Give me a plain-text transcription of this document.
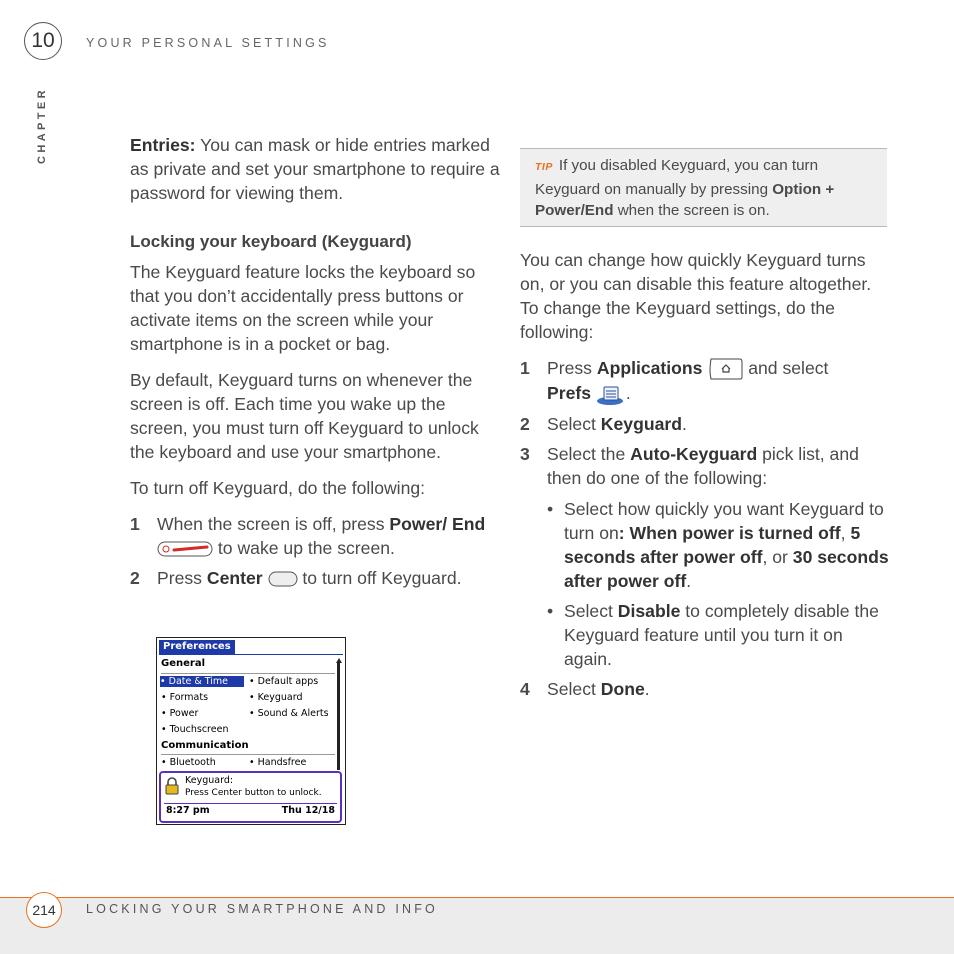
10	YOUR PERSONAL SETTINGS
CHAPTER	Entries: You can mask or hide entries marked as private and set your smartphone to require a password for viewing them.

Locking your keyboard (Keyguard)

The Keyguard feature locks the keyboard so that you don’t accidentally press buttons or activate items on the screen while your smartphone is in a pocket or bag.

By default, Keyguard turns on whenever the screen is off. Each time you wake up the screen, you must turn off Keyguard to unlock the keyboard and use your smartphone.

To turn off Keyguard, do the following:

1 When the screen is off, press Power/ End  to wake up the screen.
2 Press Center  to turn off Keyguard.
Preferences
General
• Date & Time	• Default apps
• Formats	• Keyguard
• Power	• Sound & Alerts
• Touchscreen
Communication
• Bluetooth	• Handsfree
Keyguard:
Press Center button to unlock.
8:27 pm	Thu 12/18
TIP If you disabled Keyguard, you can turn Keyguard on manually by pressing Option + Power/End when the screen is on.

You can change how quickly Keyguard turns on, or you can disable this feature altogether. To change the Keyguard settings, do the following:

1 Press Applications  and select
Prefs .
2 Select Keyguard.
3 Select the Auto-Keyguard pick list, and then do one of the following:
• Select how quickly you want Keyguard to turn on: When power is turned off, 5 seconds after power off, or 30 seconds after power off.
• Select Disable to completely disable the Keyguard feature until you turn it on again.
4 Select Done.
214	LOCKING YOUR SMARTPHONE AND INFO
